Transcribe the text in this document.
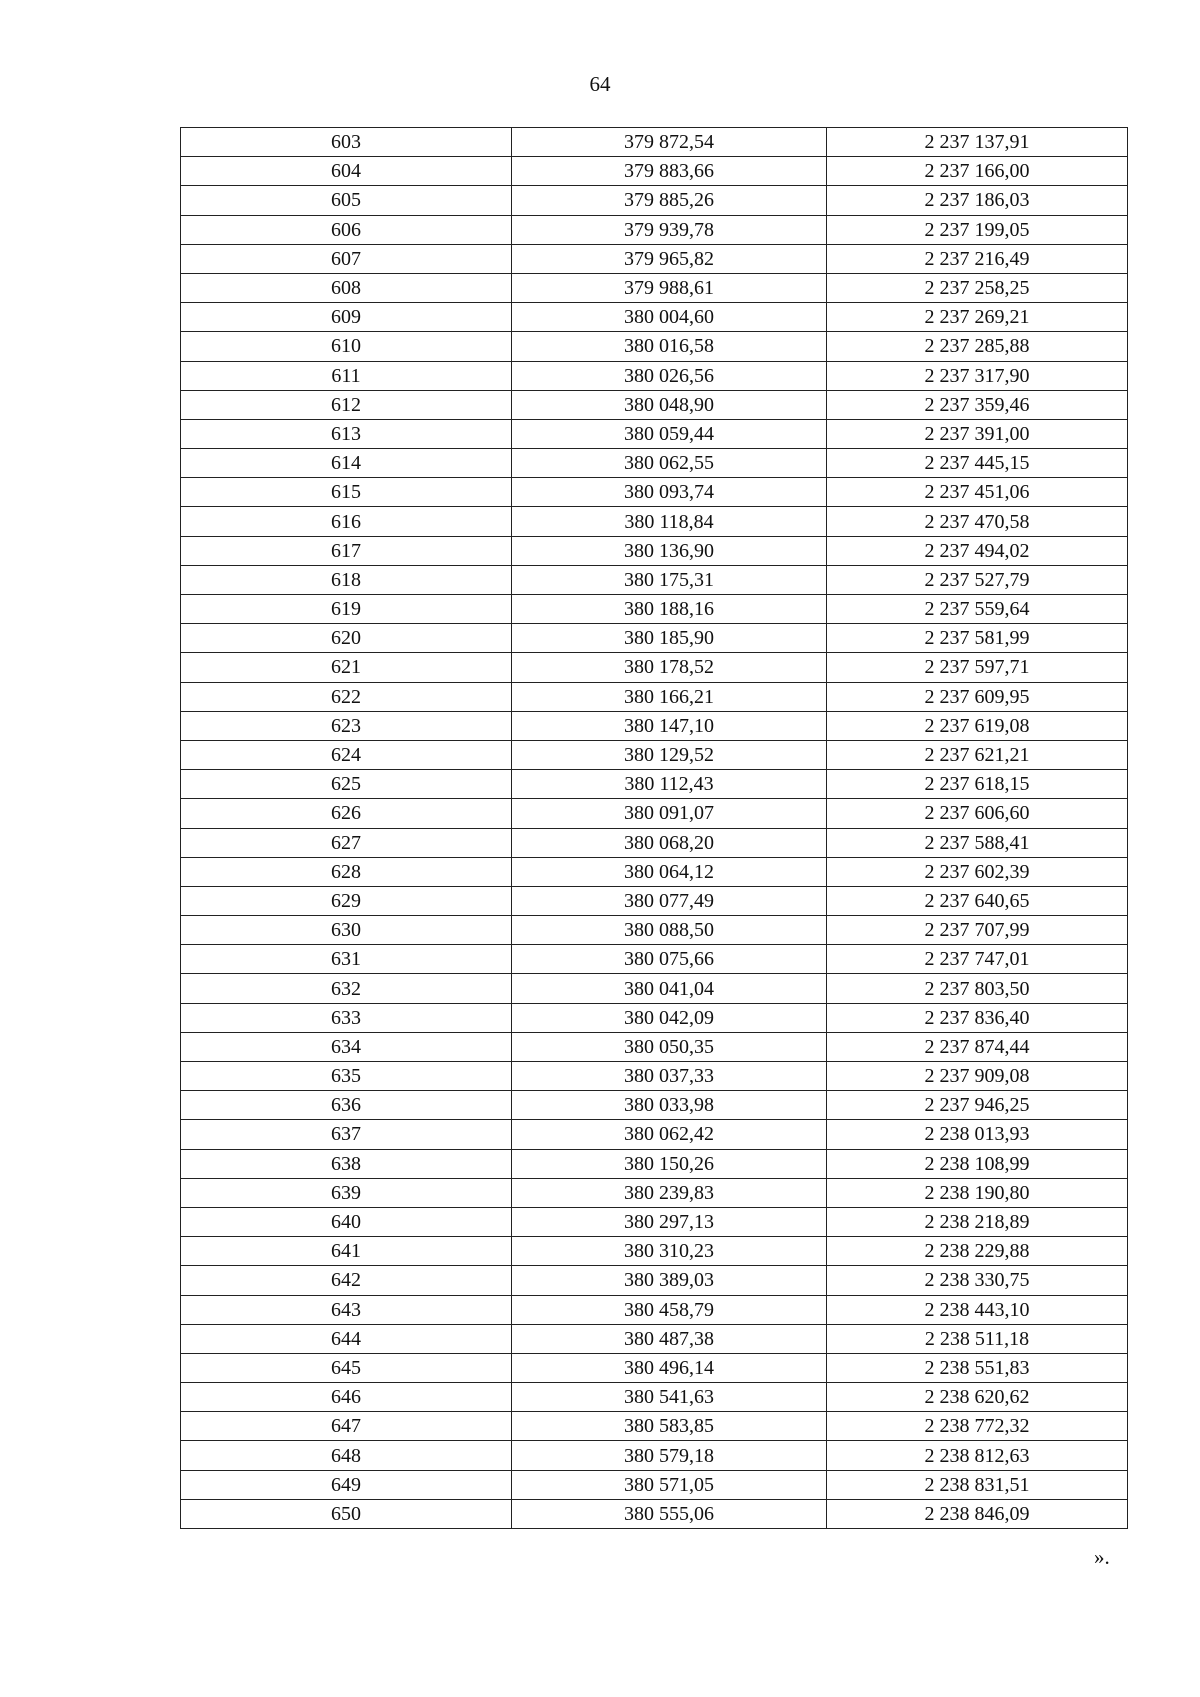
64
603	379 872,54	2 237 137,91
604	379 883,66	2 237 166,00
605	379 885,26	2 237 186,03
606	379 939,78	2 237 199,05
607	379 965,82	2 237 216,49
608	379 988,61	2 237 258,25
609	380 004,60	2 237 269,21
610	380 016,58	2 237 285,88
611	380 026,56	2 237 317,90
612	380 048,90	2 237 359,46
613	380 059,44	2 237 391,00
614	380 062,55	2 237 445,15
615	380 093,74	2 237 451,06
616	380 118,84	2 237 470,58
617	380 136,90	2 237 494,02
618	380 175,31	2 237 527,79
619	380 188,16	2 237 559,64
620	380 185,90	2 237 581,99
621	380 178,52	2 237 597,71
622	380 166,21	2 237 609,95
623	380 147,10	2 237 619,08
624	380 129,52	2 237 621,21
625	380 112,43	2 237 618,15
626	380 091,07	2 237 606,60
627	380 068,20	2 237 588,41
628	380 064,12	2 237 602,39
629	380 077,49	2 237 640,65
630	380 088,50	2 237 707,99
631	380 075,66	2 237 747,01
632	380 041,04	2 237 803,50
633	380 042,09	2 237 836,40
634	380 050,35	2 237 874,44
635	380 037,33	2 237 909,08
636	380 033,98	2 237 946,25
637	380 062,42	2 238 013,93
638	380 150,26	2 238 108,99
639	380 239,83	2 238 190,80
640	380 297,13	2 238 218,89
641	380 310,23	2 238 229,88
642	380 389,03	2 238 330,75
643	380 458,79	2 238 443,10
644	380 487,38	2 238 511,18
645	380 496,14	2 238 551,83
646	380 541,63	2 238 620,62
647	380 583,85	2 238 772,32
648	380 579,18	2 238 812,63
649	380 571,05	2 238 831,51
650	380 555,06	2 238 846,09
».
